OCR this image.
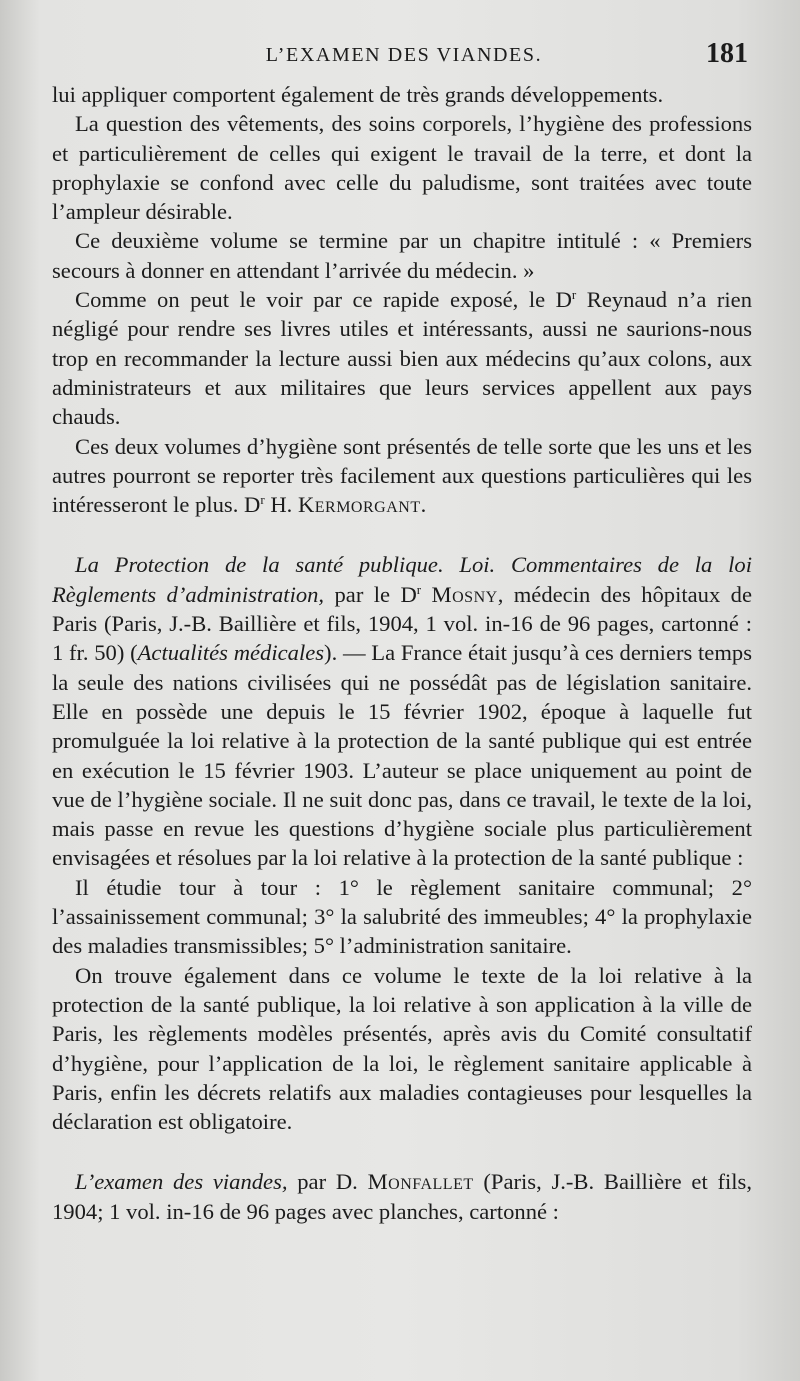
L’EXAMEN DES VIANDES.	181

lui appliquer comportent également de très grands développements.

La question des vêtements, des soins corporels, l’hygiène des professions et particulièrement de celles qui exigent le travail de la terre, et dont la prophylaxie se confond avec celle du paludisme, sont traitées avec toute l’ampleur désirable.

Ce deuxième volume se termine par un chapitre intitulé : « Premiers secours à donner en attendant l’arrivée du médecin. »

Comme on peut le voir par ce rapide exposé, le $D^r$ Reynaud n’a rien négligé pour rendre ses livres utiles et intéressants, aussi ne saurions-nous trop en recommander la lecture aussi bien aux médecins qu’aux colons, aux administrateurs et aux militaires que leurs services appellent aux pays chauds.

Ces deux volumes d’hygiène sont présentés de telle sorte que les uns et les autres pourront se reporter très facilement aux questions particulières qui les intéresseront le plus. $D^r$ H. Kermorgant.

La Protection de la santé publique. Loi. Commentaires de la loi Règlements d’administration, par le $D^r$ Mosny, médecin des hôpitaux de Paris (Paris, J.-B. Baillière et fils, 1904, 1 vol. in-16 de 96 pages, cartonné : 1 fr. 50) (Actualités médicales). — La France était jusqu’à ces derniers temps la seule des nations civilisées qui ne possédât pas de législation sanitaire. Elle en possède une depuis le 15 février 1902, époque à laquelle fut promulguée la loi relative à la protection de la santé publique qui est entrée en exécution le 15 février 1903. L’auteur se place uniquement au point de vue de l’hygiène sociale. Il ne suit donc pas, dans ce travail, le texte de la loi, mais passe en revue les questions d’hygiène sociale plus particulièrement envisagées et résolues par la loi relative à la protection de la santé publique :

Il étudie tour à tour : 1° le règlement sanitaire communal; 2° l’assainissement communal; 3° la salubrité des immeubles; 4° la prophylaxie des maladies transmissibles; 5° l’administration sanitaire.

On trouve également dans ce volume le texte de la loi relative à la protection de la santé publique, la loi relative à son application à la ville de Paris, les règlements modèles présentés, après avis du Comité consultatif d’hygiène, pour l’application de la loi, le règlement sanitaire applicable à Paris, enfin les décrets relatifs aux maladies contagieuses pour lesquelles la déclaration est obligatoire.

L’examen des viandes, par D. Monfallet (Paris, J.-B. Baillière et fils, 1904; 1 vol. in-16 de 96 pages avec planches, cartonné :
